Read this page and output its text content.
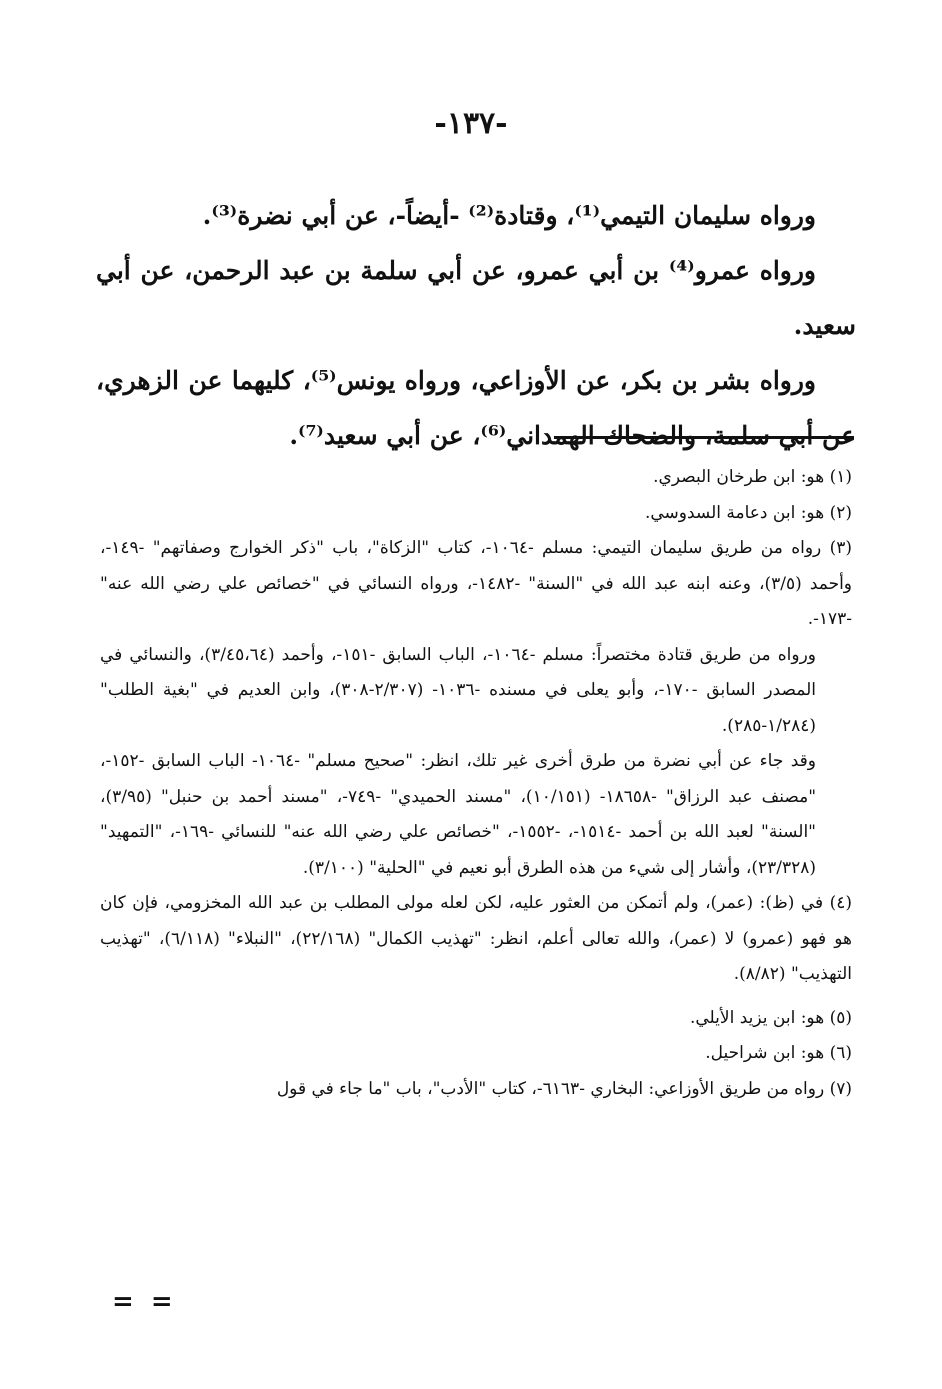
-١٣٧-

ورواه سليمان التيمي⁽¹⁾، وقتادة⁽²⁾ -أيضاً-، عن أبي نضرة⁽³⁾.

ورواه عمرو⁽⁴⁾ بن أبي عمرو، عن أبي سلمة بن عبد الرحمن، عن أبي سعيد.

ورواه بشر بن بكر، عن الأوزاعي، ورواه يونس⁽⁵⁾، كليهما عن الزهري، عن أبي سلمة، والضحاك الهمداني⁽⁶⁾، عن أبي سعيد⁽⁷⁾.

(١) هو: ابن طرخان البصري.

(٢) هو: ابن دعامة السدوسي.

(٣) رواه من طريق سليمان التيمي: مسلم -١٠٦٤-، كتاب "الزكاة"، باب "ذكر الخوارج وصفاتهم" -١٤٩-، وأحمد (٣/٥)، وعنه ابنه عبد الله في "السنة" -١٤٨٢-، ورواه النسائي في "خصائص علي رضي الله عنه" -١٧٣-.

ورواه من طريق قتادة مختصراً: مسلم -١٠٦٤-، الباب السابق -١٥١-، وأحمد (٣/٤٥،٦٤)، والنسائي في المصدر السابق -١٧٠-، وأبو يعلى في مسنده -١٠٣٦- (٢/٣٠٧-٣٠٨)، وابن العديم في "بغية الطلب" (١/٢٨٤-٢٨٥).

وقد جاء عن أبي نضرة من طرق أخرى غير تلك، انظر: "صحيح مسلم" -١٠٦٤- الباب السابق -١٥٢-، "مصنف عبد الرزاق" -١٨٦٥٨- (١٠/١٥١)، "مسند الحميدي" -٧٤٩-، "مسند أحمد بن حنبل" (٣/٩٥)، "السنة" لعبد الله بن أحمد -١٥١٤-، -١٥٥٢-، "خصائص علي رضي الله عنه" للنسائي -١٦٩-، "التمهيد" (٢٣/٣٢٨)، وأشار إلى شيء من هذه الطرق أبو نعيم في "الحلية" (٣/١٠٠).

(٤) في (ظ): (عمر)، ولم أتمكن من العثور عليه، لكن لعله مولى المطلب بن عبد الله المخزومي، فإن كان هو فهو (عمرو) لا (عمر)، والله تعالى أعلم، انظر: "تهذيب الكمال" (٢٢/١٦٨)، "النبلاء" (٦/١١٨)، "تهذيب التهذيب" (٨/٨٢).

(٥) هو: ابن يزيد الأيلي.

(٦) هو: ابن شراحيل.

(٧) رواه من طريق الأوزاعي: البخاري -٦١٦٣-، كتاب "الأدب"، باب "ما جاء في قول

= =
